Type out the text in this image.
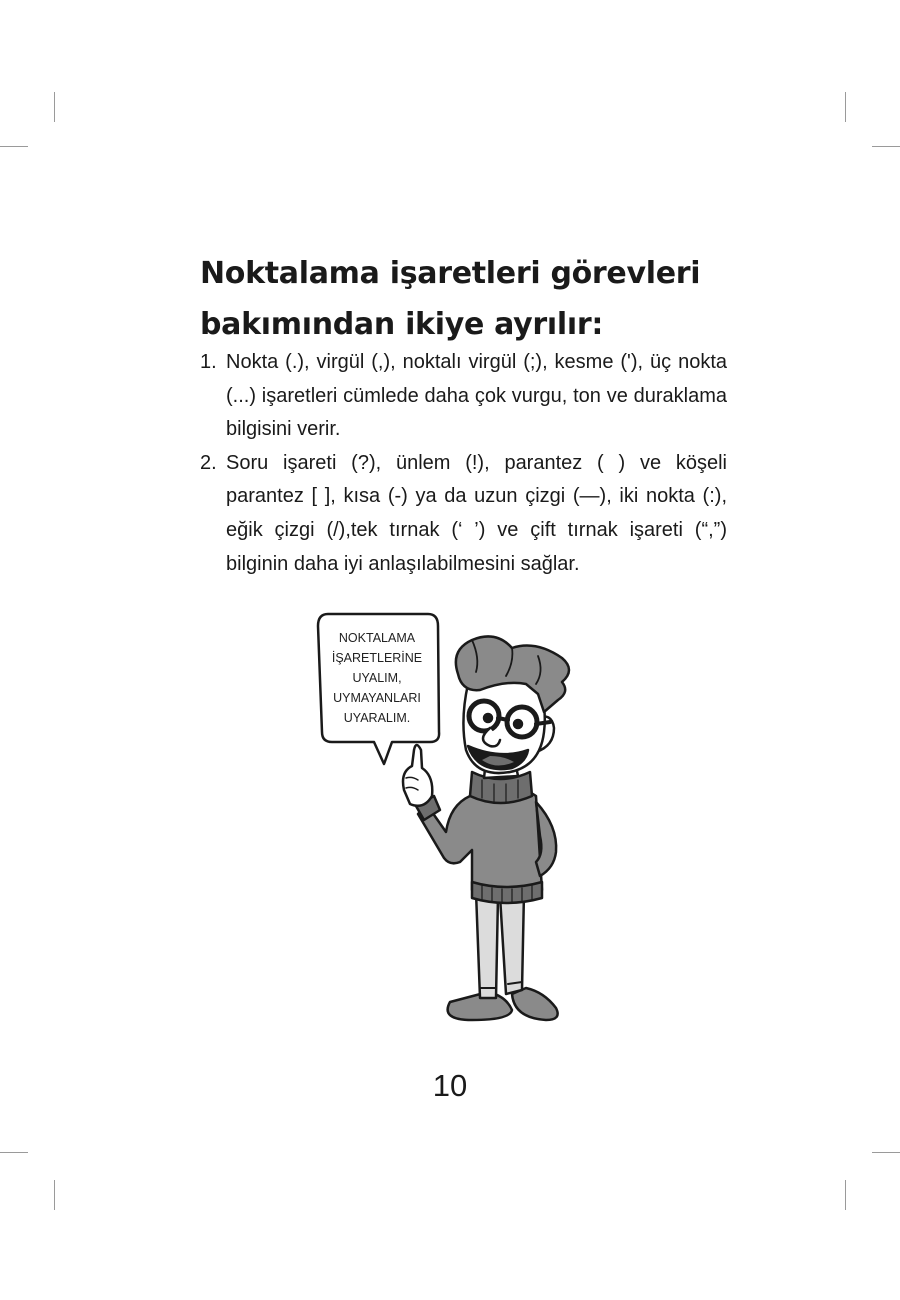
Noktalama işaretleri görevleri
bakımından ikiye ayrılır:
1. Nokta (.), virgül (,), noktalı virgül (;), kesme ('), üç nokta (...) işaretleri cümlede daha çok vurgu, ton ve duraklama bilgisini verir.
2. Soru işareti (?), ünlem (!), parantez ( ) ve köşeli parantez [ ], kısa (-) ya da uzun çizgi (—), iki nokta (:), eğik çizgi (/),tek tırnak (‘ ’) ve çift tırnak işareti (“,”) bilginin daha iyi anlaşılabilmesini sağlar.
NOKTALAMA
İŞARETLERİNE
UYALIM,
UYMAYANLARI
UYARALIM.
10
